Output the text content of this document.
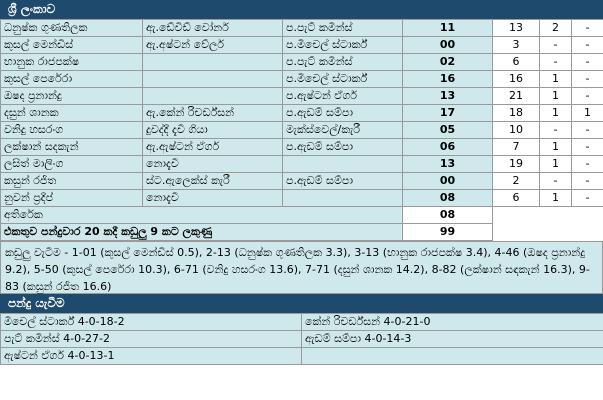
ශ්‍රී ලංකාව
ධනුෂ්ක ගුණතිලක	ඇ.ඩේවිඩ් වෝනර්	ප.පැට් කමින්ස්	11	13	2	-
කුසල් මෙන්ඩිස්	ඇ.අෂ්ටන් වේලර්	ප.මිචෙල් ස්ටාර්ක්	00	3	-	-
භානුක රාජපක්ෂ		ප.පැට් කමින්ස්	02	6	-	-
කුසල් පෙරේරා		ප.මිචෙල් ස්ටාර්ක්	16	16	1	-
ඔෂද ප්‍රනාන්දු		ප.ඇෂ්ටන් ඒගර්	13	21	1	-
දසුන් ශානක	ඇ.කේන් රිචර්ඩ්සන්	ප.ඇඩම් සම්පා	17	18	1	1
වනිදු හසරංග	දුවද්දී දැවී ගියා	මැක්ස්වෙල්/කැරී	05	10	-	-
ලක්ෂාන් සදකැන්	ඇ.ඇෂ්ටන් ඒගර්	ප.ඇඩම් සම්පා	06	7	1	-
ලසිත් මාලිංග	නොදැවී		13	19	1	-
කසුන් රජිත	ස්ට.ඇලෙක්ස් කැරී	ප.ඇඩම් සම්පා	00	2	-	-
නුවන් ප්‍රදීප්	නොදැවී		08	6	1	-
අතිරේක			08			
එකතුව පන්දුවාර 20 කදී කඩුලු 9 කට ලකුණු			99			
කඩුලු වැටීම - 1-01 (කුසල් මෙන්ඩිස් 0.5), 2-13 (ධනුෂ්ක ගුණතිලක 3.3), 3-13 (භානුක රාජපක්ෂ 3.4), 4-46 (ඔෂද ප්‍රනාන්දු 9.2), 5-50 (කුසල් පෙරේරා 10.3), 6-71 (වනිදු හසරංග 13.6), 7-71 (දසුන් ශානක 14.2), 8-82 (ලක්ෂාන් සඳකැන් 16.3), 9-83 (කසුන් රජිත 16.6)
පන්දු යැවීම
මිචෙල් ස්ටාර්ක් 4-0-18-2	කේන් රිචර්ඩ්සන් 4-0-21-0
පැට් කමින්ස් 4-0-27-2	ඇඩම් සම්පා 4-0-14-3
ඇෂ්ටන් ඒගර් 4-0-13-1	
